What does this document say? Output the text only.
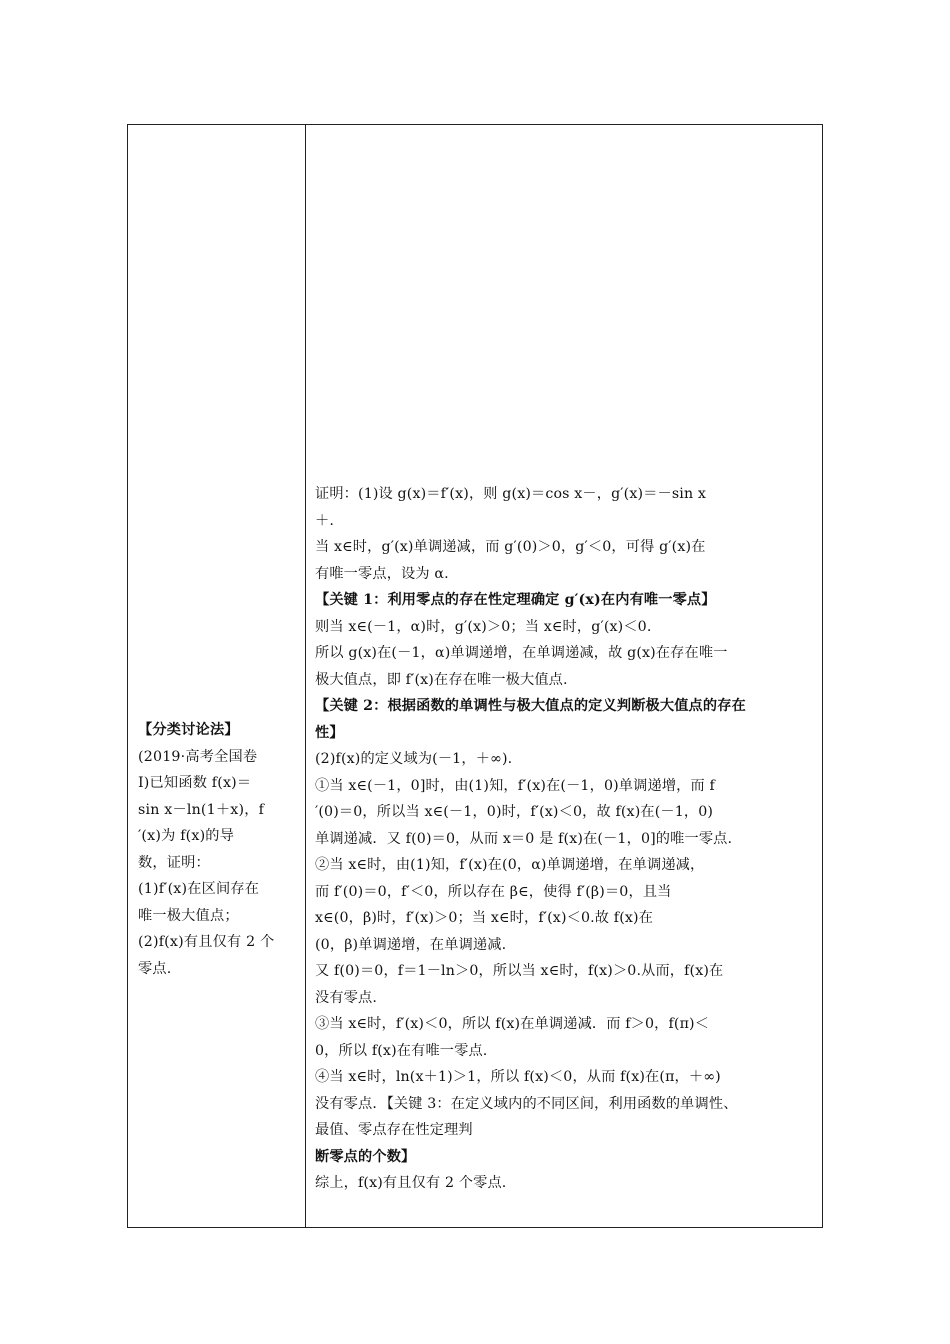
【分类讨论法】
(2019·高考全国卷
Ⅰ)已知函数 f(x)＝
sin x－ln(1＋x)，f
′(x)为 f(x)的导
数，证明：
(1)f′(x)在区间存在
唯一极大值点；
(2)f(x)有且仅有 2 个
零点.
证明：(1)设 g(x)＝f′(x)，则 g(x)＝cos x－，g′(x)＝－sin x
＋.
当 x∈时，g′(x)单调递减，而 g′(0)＞0，g′＜0，可得 g′(x)在
有唯一零点，设为 α.
【关键 1：利用零点的存在性定理确定 g′(x)在内有唯一零点】
则当 x∈(－1，α)时，g′(x)＞0；当 x∈时，g′(x)＜0.
所以 g(x)在(－1，α)单调递增，在单调递减，故 g(x)在存在唯一
极大值点，即 f′(x)在存在唯一极大值点.
【关键 2：根据函数的单调性与极大值点的定义判断极大值点的存在
性】
(2)f(x)的定义域为(－1，＋∞).
①当 x∈(－1，0]时，由(1)知，f′(x)在(－1，0)单调递增，而 f
′(0)＝0，所以当 x∈(－1，0)时，f′(x)＜0，故 f(x)在(－1，0)
单调递减．又 f(0)＝0，从而 x＝0 是 f(x)在(－1，0]的唯一零点.
②当 x∈时，由(1)知，f′(x)在(0，α)单调递增，在单调递减，
而 f′(0)＝0，f′＜0，所以存在 β∈，使得 f′(β)＝0，且当
x∈(0，β)时，f′(x)＞0；当 x∈时，f′(x)＜0.故 f(x)在
(0，β)单调递增，在单调递减.
又 f(0)＝0，f＝1－ln＞0，所以当 x∈时，f(x)＞0.从而，f(x)在
没有零点.
③当 x∈时，f′(x)＜0，所以 f(x)在单调递减．而 f＞0，f(π)＜
0，所以 f(x)在有唯一零点.
④当 x∈时，ln(x＋1)＞1，所以 f(x)＜0，从而 f(x)在(π，＋∞)
没有零点．【关键 3：在定义域内的不同区间，利用函数的单调性、
最值、零点存在性定理判
断零点的个数】
综上，f(x)有且仅有 2 个零点.
